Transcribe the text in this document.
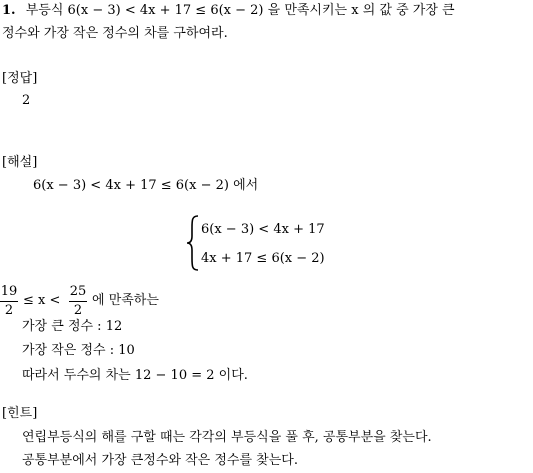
1. 부등식 6(x − 3) < 4x + 17 ≤ 6(x − 2) 을 만족시키는 x 의 값 중 가장 큰
정수와 가장 작은 정수의 차를 구하여라.
[정답]
2
[해설]
6(x − 3) < 4x + 17 ≤ 6(x − 2) 에서
6(x − 3) < 4x + 17
4x + 17 ≤ 6(x − 2)
19
2
≤ x <
25
2
에 만족하는
가장 큰 정수 : 12
가장 작은 정수 : 10
따라서 두수의 차는 12 − 10 = 2 이다.
[힌트]
연립부등식의 해를 구할 때는 각각의 부등식을 풀 후, 공통부분을 찾는다.
공통부분에서 가장 큰정수와 작은 정수를 찾는다.
